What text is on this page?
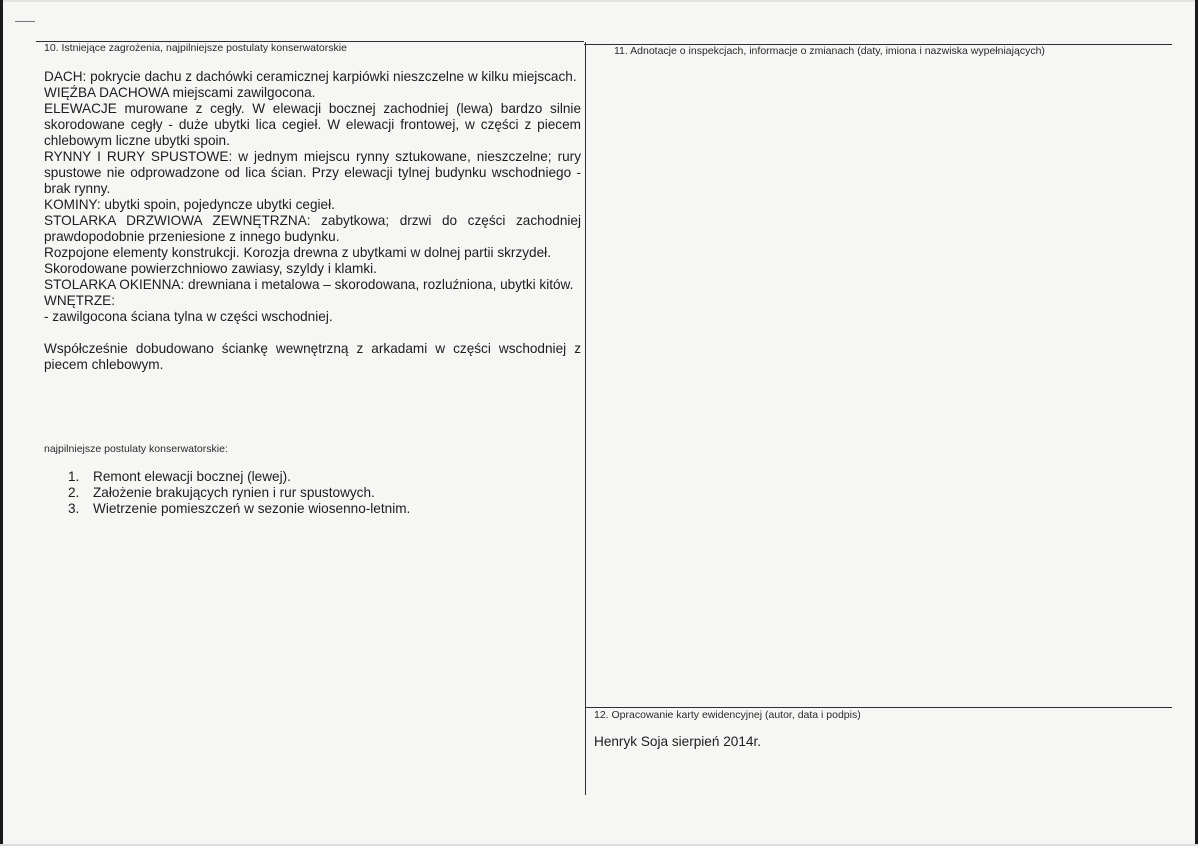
10. Istniejące zagrożenia, najpilniejsze postulaty konserwatorskie	11. Adnotacje o inspekcjach, informacje o zmianach (daty, imiona i nazwiska wypełniających)
12. Opracowanie karty ewidencyjnej (autor, data i podpis)

DACH: pokrycie dachu z dachówki ceramicznej karpiówki nieszczelne w kilku miejscach.

WIĘŹBA DACHOWA miejscami zawilgocona.

ELEWACJE murowane z cegły. W elewacji bocznej zachodniej (lewa) bardzo silnie skorodowane cegły - duże ubytki lica cegieł. W elewacji frontowej, w części z piecem chlebowym liczne ubytki spoin.

RYNNY I RURY SPUSTOWE: w jednym miejscu rynny sztukowane, nieszczelne; rury spustowe nie odprowadzone od lica ścian. Przy elewacji tylnej budynku wschodniego - brak rynny.

KOMINY: ubytki spoin, pojedyncze ubytki cegieł.

STOLARKA DRZWIOWA ZEWNĘTRZNA: zabytkowa; drzwi do części zachodniej prawdopodobnie przeniesione z innego budynku.

Rozpojone elementy konstrukcji. Korozja drewna z ubytkami w dolnej partii skrzydeł.

Skorodowane powierzchniowo zawiasy, szyldy i klamki.

STOLARKA OKIENNA: drewniana i metalowa – skorodowana, rozluźniona, ubytki kitów.

WNĘTRZE:

- zawilgocona ściana tylna w części wschodniej.

Współcześnie dobudowano ściankę wewnętrzną z arkadami w części wschodniej z piecem chlebowym.

najpilniejsze postulaty konserwatorskie:
1. Remont elewacji bocznej (lewej).
2. Założenie brakujących rynien i rur spustowych.
3. Wietrzenie pomieszczeń w sezonie wiosenno-letnim.
Henryk Soja sierpień 2014r.
